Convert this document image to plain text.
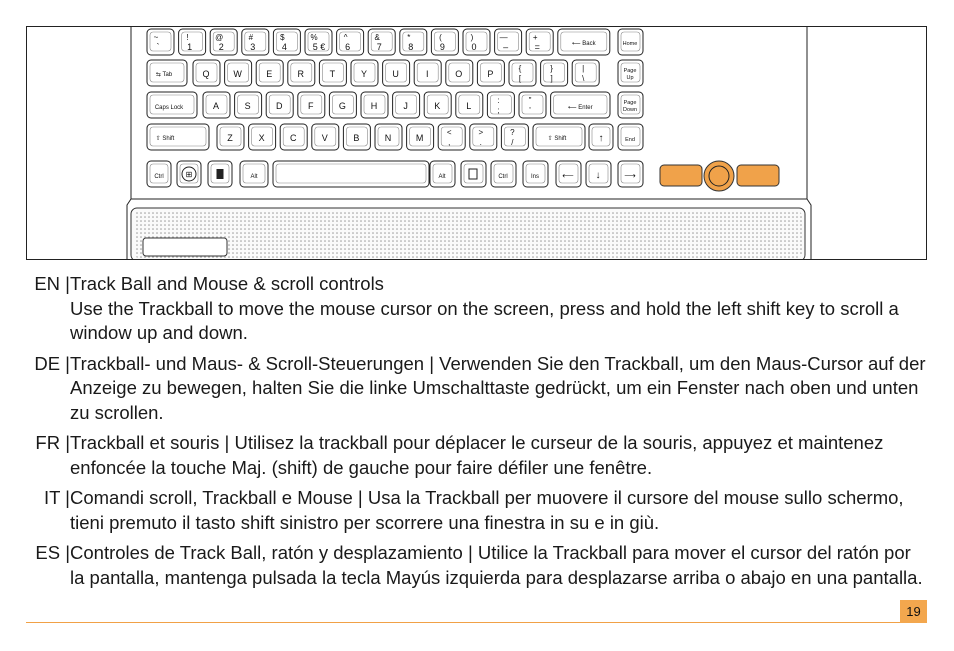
~
`
!
1
@
2
#
3
$
4
%
5 €
^
6
&
7
*
8
(
9
)
0
—
–
+
=	⟵ Back	Home
⇆ Tab	Q	W	E	R	T	Y	U	I	O	P
{
[
}
]
|
\
Page
Up
Caps Lock	A	S	D	F	G	H	J	K	L
:
;
"
'	⟵ Enter
Page
Down
⇧ Shift	Z	X	C	V	B	N	M
<
,
>
.
?
/	⇧ Shift	↑	End
Ctrl	⊞	Alt	Alt	Ctrl	Ins	⟵ ↓	⟶
EN | Track Ball and Mouse & scroll controls
Use the Trackball to move the mouse cursor on the screen, press and hold the left shift key to scroll a window up and down.
DE | Trackball- und Maus- & Scroll-Steuerungen | Verwenden Sie den Trackball, um den Maus-Cursor auf der Anzeige zu bewegen, halten Sie die linke Umschalttaste gedrückt, um ein Fenster nach oben und unten zu scrollen.
FR | Trackball et souris | Utilisez la trackball pour déplacer le curseur de la souris, appuyez et maintenez enfoncée la touche Maj. (shift) de gauche pour faire défiler une fenêtre.
IT | Comandi scroll, Trackball e Mouse | Usa la Trackball per muovere il cursore del mouse sullo schermo, tieni premuto il tasto shift sinistro per scorrere una finestra in su e in giù.
ES | Controles de Track Ball, ratón y desplazamiento | Utilice la Trackball para mover el cursor del ratón por la pantalla, mantenga pulsada la tecla Mayús izquierda para desplazarse arriba o abajo en una pantalla.
19
